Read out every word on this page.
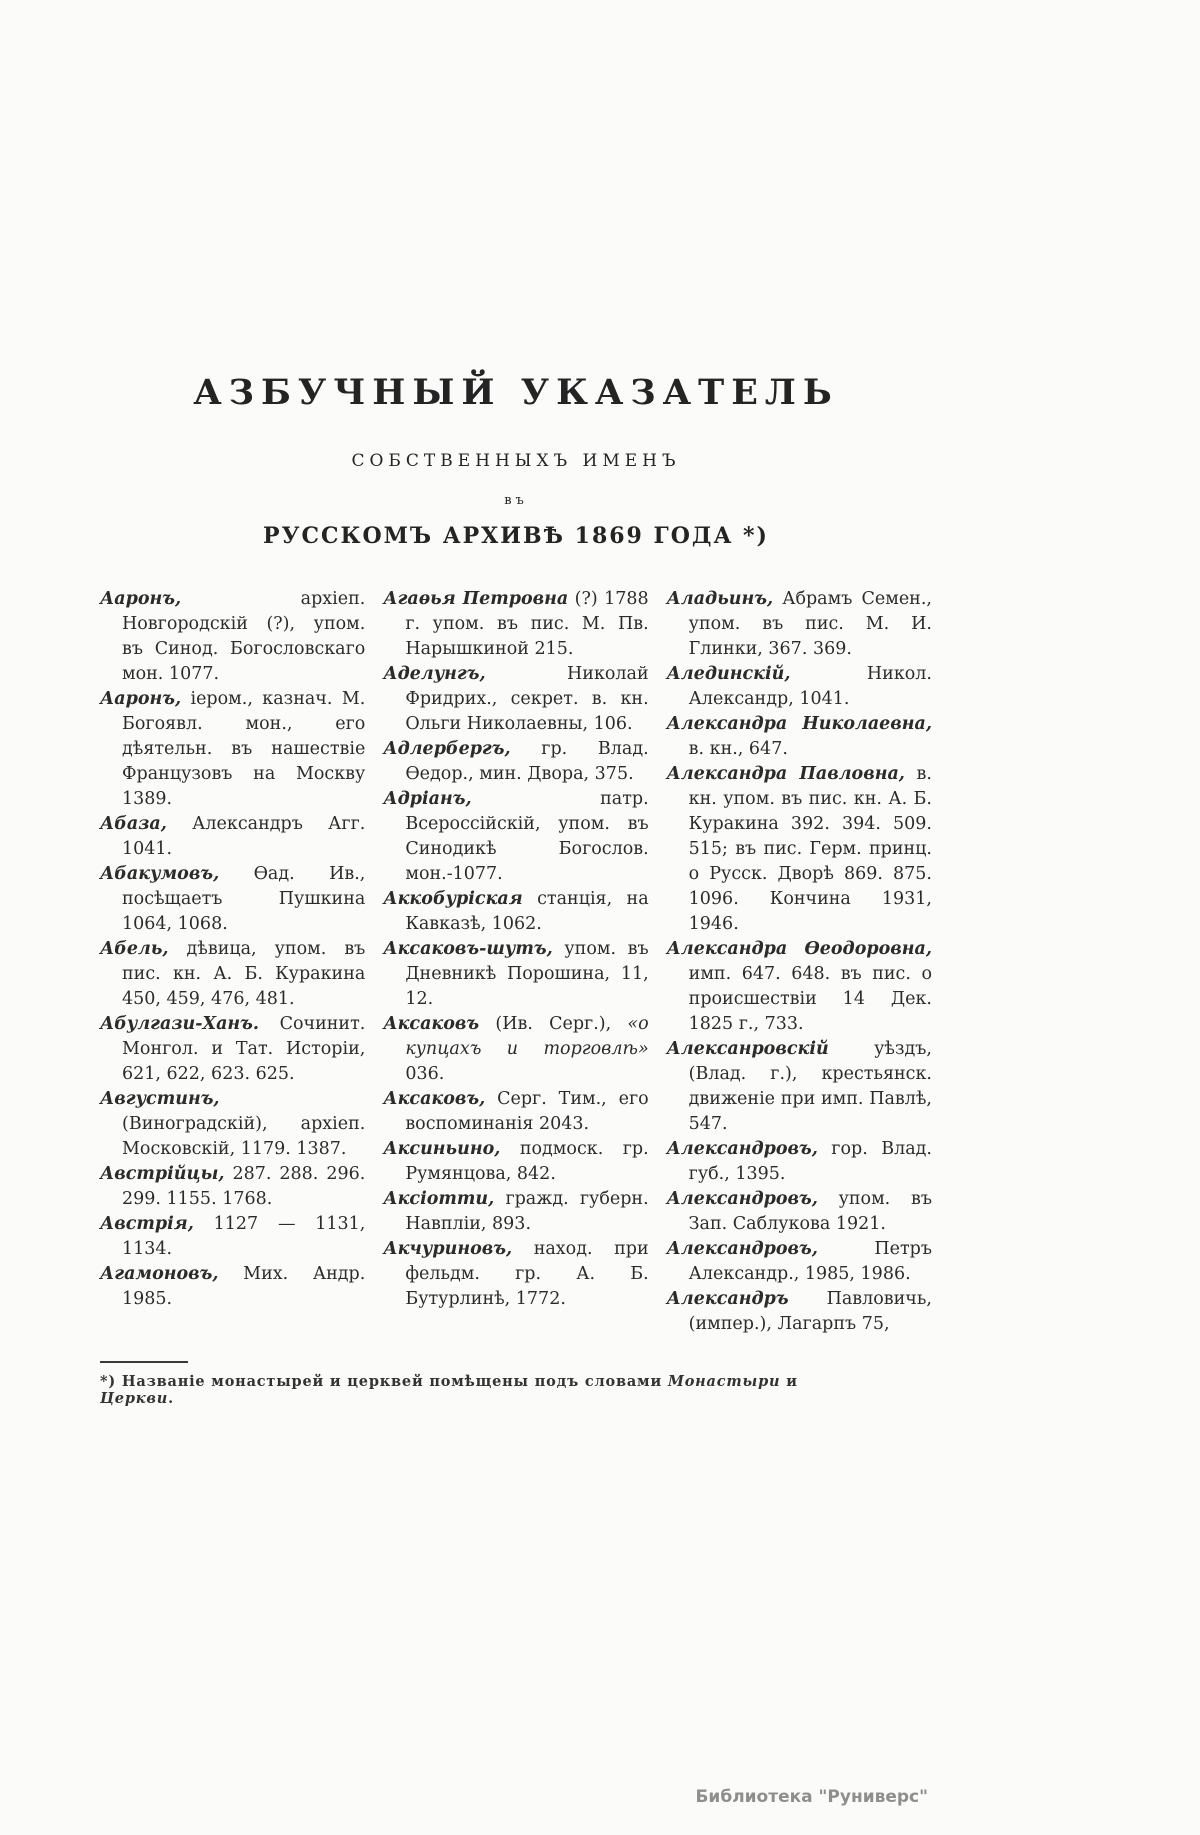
АЗБУЧНЫЙ УКАЗАТЕЛЬ
СОБСТВЕННЫХЪ ИМЕНЪ
въ
РУССКОМЪ АРХИВѢ 1869 ГОДА *)

Ааронъ, архіеп. Новгородскій (?), упом. въ Синод. Богословскаго мон. 1077.

Ааронъ, іером., казнач. М. Богоявл. мон., его дѣятельн. въ нашествіе Французовъ на Москву 1389.

Абаза, Александръ Агг. 1041.

Абакумовъ, Ѳад. Ив., посѣщаетъ Пушкина 1064, 1068.

Абель, дѣвица, упом. въ пис. кн. А. Б. Куракина 450, 459, 476, 481.

Абулгази-Ханъ. Сочинит. Монгол. и Тат. Исторіи, 621, 622, 623. 625.

Августинъ, (Виноградскій), архіеп. Московскій, 1179. 1387.

Австрійцы, 287. 288. 296. 299. 1155. 1768.

Австрія, 1127 — 1131, 1134.

Агамоновъ, Мих. Андр. 1985.

Агаѳья Петровна (?) 1788 г. упом. въ пис. М. Пв. Нарышкиной 215.

Аделунгъ, Николай Фридрих., секрет. в. кн. Ольги Николаевны, 106.

Адлербергъ, гр. Влад. Ѳедор., мин. Двора, 375.

Адріанъ, патр. Всероссійскій, упом. въ Синодикѣ Богослов. мон.-1077.

Аккобуріская станція, на Кавказѣ, 1062.

Аксаковъ-шутъ, упом. въ Дневникѣ Порошина, 11, 12.

Аксаковъ (Ив. Серг.), «о купцахъ и торговлѣ» 036.

Аксаковъ, Серг. Тим., его воспоминанія 2043.

Аксиньино, подмоск. гр. Румянцова, 842.

Аксіотти, гражд. губерн. Навпліи, 893.

Акчуриновъ, наход. при фельдм. гр. А. Б. Бутурлинѣ, 1772.

Аладьинъ, Абрамъ Семен., упом. въ пис. М. И. Глинки, 367. 369.

Алединскій, Никол. Александр, 1041.

Александра Николаевна, в. кн., 647.

Александра Павловна, в. кн. упом. въ пис. кн. А. Б. Куракина 392. 394. 509. 515; въ пис. Герм. принц. о Русск. Дворѣ 869. 875. 1096. Кончина 1931, 1946.

Александра Ѳеодоровна, имп. 647. 648. въ пис. о происшествіи 14 Дек. 1825 г., 733.

Алексанровскій уѣздъ, (Влад. г.), крестьянск. движеніе при имп. Павлѣ, 547.

Александровъ, гор. Влад. губ., 1395.

Александровъ, упом. въ Зап. Саблукова 1921.

Александровъ, Петръ Александр., 1985, 1986.

Александръ Павловичь, (импер.), Лагарпъ 75,

*) Названіе монастырей и церквей помѣщены подъ словами Монастыри и Церкви.
Библиотека "Руниверс"
